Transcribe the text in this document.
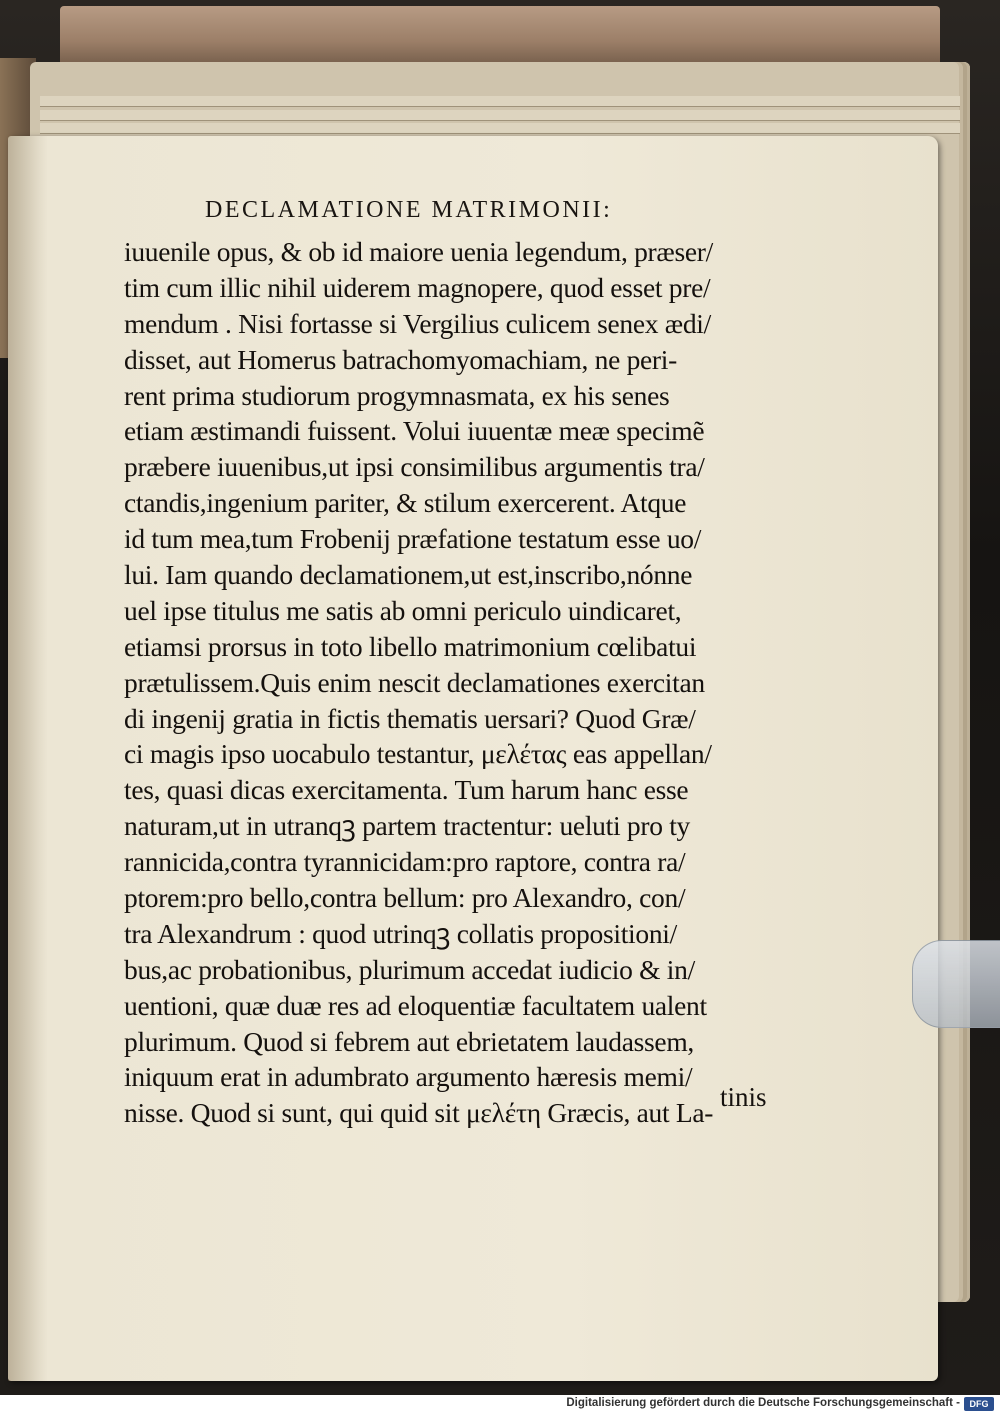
DECLAMATIONE MATRIMONII:
iuuenile opus, & ob id maiore uenia legendum, præser/
tim cum illic nihil uiderem magnopere, quod esset pre/
mendum . Nisi fortasse si Vergilius culicem senex ædi/
disset, aut Homerus batrachomyomachiam, ne peri-
rent prima studiorum progymnasmata, ex his senes
etiam æstimandi fuissent. Volui iuuentæ meæ specimẽ
præbere iuuenibus,ut ipsi consimilibus argumentis tra/
ctandis,ingenium pariter, & stilum exercerent. Atque
id tum mea,tum Frobenij præfatione testatum esse uo/
lui. Iam quando declamationem,ut est,inscribo,nónne
uel ipse titulus me satis ab omni periculo uindicaret,
etiamsi prorsus in toto libello matrimonium cœlibatui
prætulissem.Quis enim nescit declamationes exercitan
di ingenij gratia in fictis thematis uersari? Quod Græ/
ci magis ipso uocabulo testantur, μελέτας eas appellan/
tes, quasi dicas exercitamenta. Tum harum hanc esse
naturam,ut in utranqꝫ partem tractentur: ueluti pro ty
rannicida,contra tyrannicidam:pro raptore, contra ra/
ptorem:pro bello,contra bellum: pro Alexandro, con/
tra Alexandrum : quod utrinqꝫ collatis propositioni/
bus,ac probationibus, plurimum accedat iudicio & in/
uentioni, quæ duæ res ad eloquentiæ facultatem ualent
plurimum. Quod si febrem aut ebrietatem laudassem,
iniquum erat in adumbrato argumento hæresis memi/
nisse. Quod si sunt, qui quid sit μελέτη Græcis, aut La-
tinis
Digitalisierung gefördert durch die Deutsche Forschungsgemeinschaft -	DFG
